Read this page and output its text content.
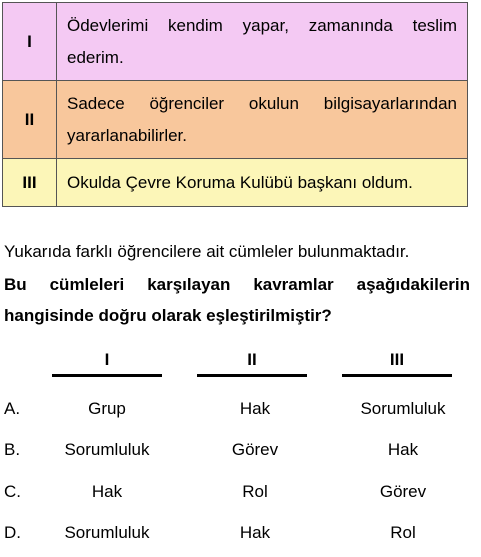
I	Ödevlerimi kendim yapar, zamanında teslim ederim.
II	Sadece öğrenciler okulun bilgisayarlarından yararlanabilirler.
III	Okulda Çevre Koruma Kulübü başkanı oldum.
Yukarıda farklı öğrencilere ait cümleler bulunmaktadır.
Bu cümleleri karşılayan kavramlar aşağıdakilerin hangisinde doğru olarak eşleştirilmiştir?
I	II	III
A.	Grup	Hak	Sorumluluk
B.	Sorumluluk	Görev	Hak
C.	Hak	Rol	Görev
D.	Sorumluluk	Hak	Rol
